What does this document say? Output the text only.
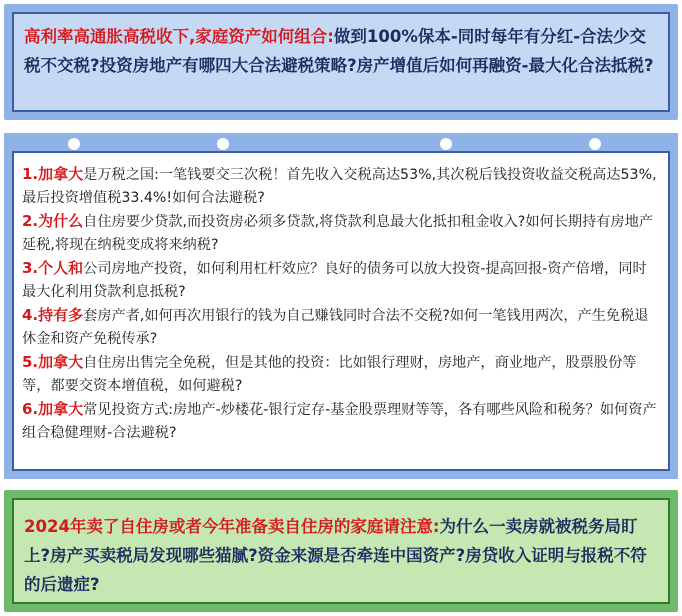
高利率高通胀高税收下,家庭资产如何组合:做到100%保本-同时每年有分红-合法少交税不交税?投资房地产有哪四大合法避税策略?房产增值后如何再融资-最大化合法抵税?

1.加拿大是万税之国:一笔钱要交三次税！首先收入交税高达53%,其次税后钱投资收益交税高达53%,最后投资增值税33.4%!如何合法避税?

2.为什么自住房要少贷款,而投资房必须多贷款,将贷款利息最大化抵扣租金收入?如何长期持有房地产延税,将现在纳税变成将来纳税?

3.个人和公司房地产投资，如何利用杠杆效应？良好的债务可以放大投资-提高回报-资产倍增，同时最大化利用贷款利息抵税?

4.持有多套房产者,如何再次用银行的钱为自己赚钱同时合法不交税?如何一笔钱用两次，产生免税退休金和资产免税传承?

5.加拿大自住房出售完全免税，但是其他的投资：比如银行理财，房地产，商业地产，股票股份等等，都要交资本增值税，如何避税?

6.加拿大常见投资方式:房地产-炒楼花-银行定存-基金股票理财等等，各有哪些风险和税务？如何资产组合稳健理财-合法避税?

2024年卖了自住房或者今年准备卖自住房的家庭请注意:为什么一卖房就被税务局盯上?房产买卖税局发现哪些猫腻?资金来源是否牵连中国资产?房贷收入证明与报税不符的后遗症?
